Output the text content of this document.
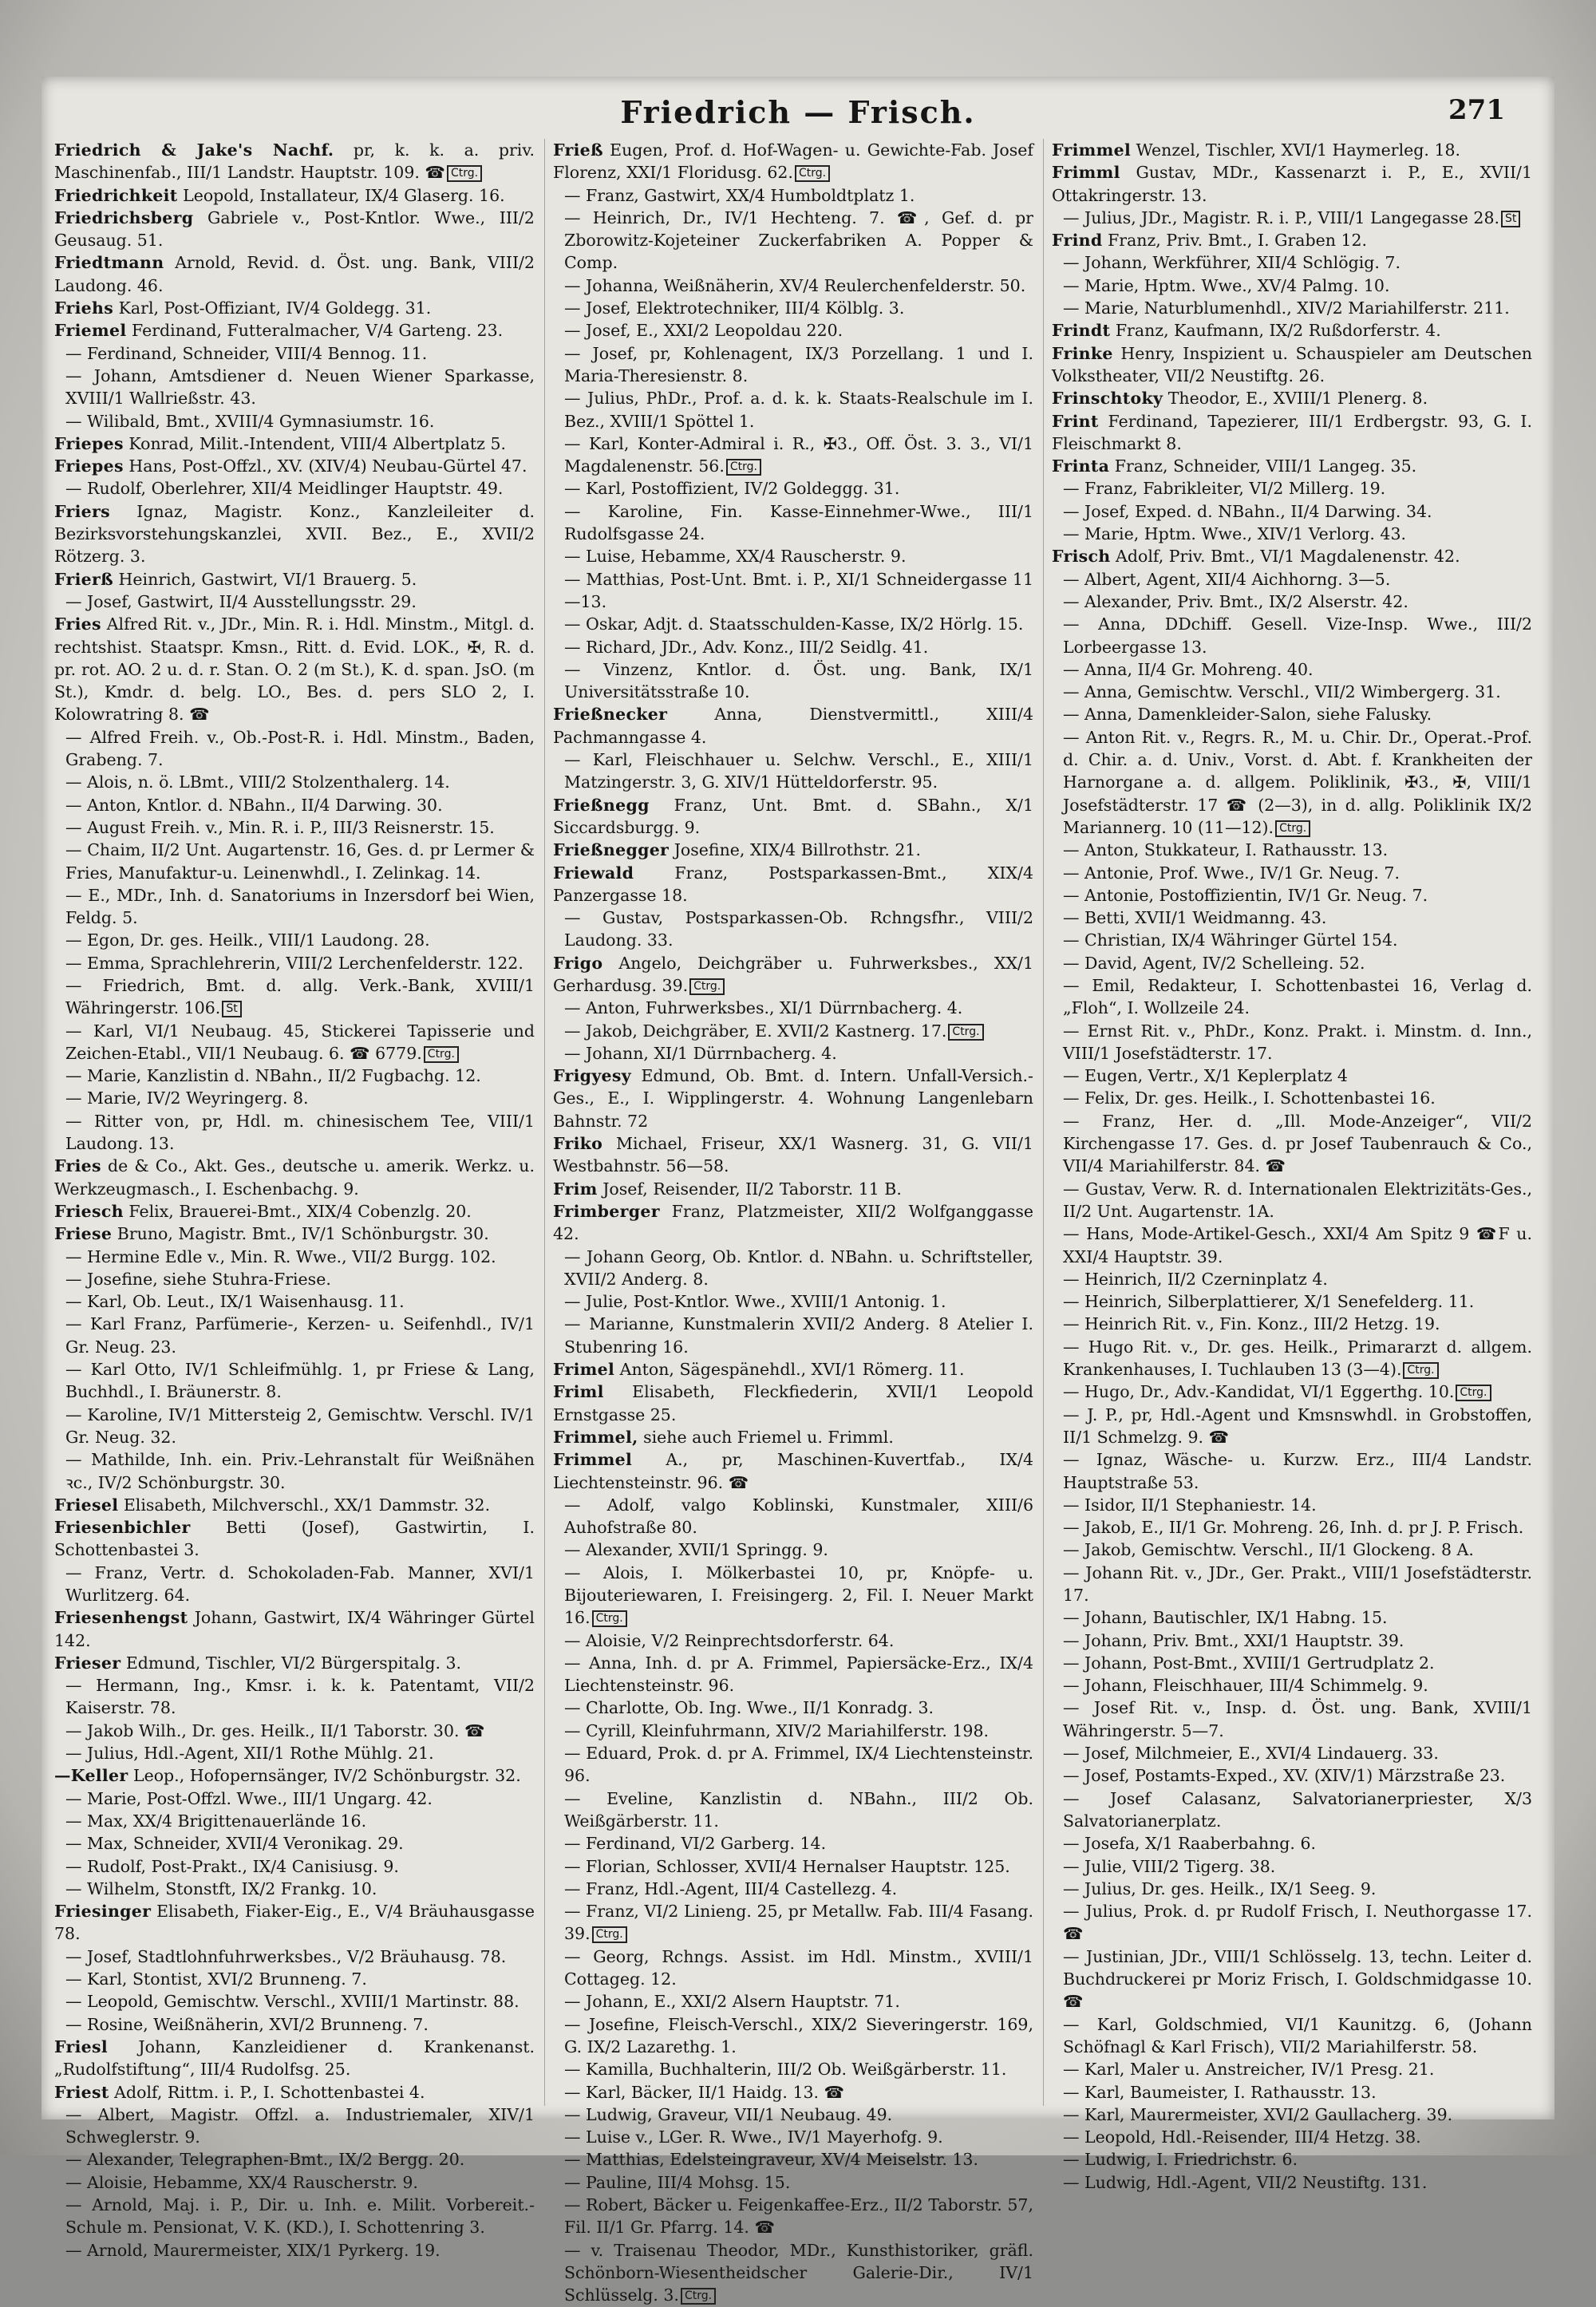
Friedrich — Frisch.	271

Friedrich & Jake's Nachf. pr, k. k. a. priv. Maschinenfab., III/1 Landstr. Hauptstr. 109. ☎ Ctrg.

Friedrichkeit Leopold, Installateur, IX/4 Glaserg. 16.

Friedrichsberg Gabriele v., Post-Kntlor. Wwe., III/2 Geusaug. 51.

Friedtmann Arnold, Revid. d. Öst. ung. Bank, VIII/2 Laudong. 46.

Friehs Karl, Post-Offiziant, IV/4 Goldegg. 31.

Friemel Ferdinand, Futteralmacher, V/4 Garteng. 23.

— Ferdinand, Schneider, VIII/4 Bennog. 11.

— Johann, Amtsdiener d. Neuen Wiener Sparkasse, XVIII/1 Wallrießstr. 43.

— Wilibald, Bmt., XVIII/4 Gymnasiumstr. 16.

Friepes Konrad, Milit.-Intendent, VIII/4 Albertplatz 5.

Friepes Hans, Post-Offzl., XV. (XIV/4) Neubau-Gürtel 47.

— Rudolf, Oberlehrer, XII/4 Meidlinger Hauptstr. 49.

Friers Ignaz, Magistr. Konz., Kanzleileiter d. Bezirksvorstehungskanzlei, XVII. Bez., E., XVII/2 Rötzerg. 3.

Frierß Heinrich, Gastwirt, VI/1 Brauerg. 5.

— Josef, Gastwirt, II/4 Ausstellungsstr. 29.

Fries Alfred Rit. v., JDr., Min. R. i. Hdl. Minstm., Mitgl. d. rechtshist. Staatspr. Kmsn., Ritt. d. Evid. LOK., ✠, R. d. pr. rot. AO. 2 u. d. r. Stan. O. 2 (m St.), K. d. span. JsO. (m St.), Kmdr. d. belg. LO., Bes. d. pers SLO 2, I. Kolowratring 8. ☎

— Alfred Freih. v., Ob.-Post-R. i. Hdl. Minstm., Baden, Grabeng. 7.

— Alois, n. ö. LBmt., VIII/2 Stolzenthalerg. 14.

— Anton, Kntlor. d. NBahn., II/4 Darwing. 30.

— August Freih. v., Min. R. i. P., III/3 Reisnerstr. 15.

— Chaim, II/2 Unt. Augartenstr. 16, Ges. d. pr Lermer & Fries, Manufaktur-u. Leinenwhdl., I. Zelinkag. 14.

— E., MDr., Inh. d. Sanatoriums in Inzersdorf bei Wien, Feldg. 5.

— Egon, Dr. ges. Heilk., VIII/1 Laudong. 28.

— Emma, Sprachlehrerin, VIII/2 Lerchenfelderstr. 122.

— Friedrich, Bmt. d. allg. Verk.-Bank, XVIII/1 Währingerstr. 106. St

— Karl, VI/1 Neubaug. 45, Stickerei Tapisserie und Zeichen-Etabl., VII/1 Neubaug. 6. ☎ 6779. Ctrg.

— Marie, Kanzlistin d. NBahn., II/2 Fugbachg. 12.

— Marie, IV/2 Weyringerg. 8.

— Ritter von, pr, Hdl. m. chinesischem Tee, VIII/1 Laudong. 13.

Fries de & Co., Akt. Ges., deutsche u. amerik. Werkz. u. Werkzeugmasch., I. Eschenbachg. 9.

Friesch Felix, Brauerei-Bmt., XIX/4 Cobenzlg. 20.

Friese Bruno, Magistr. Bmt., IV/1 Schönburgstr. 30.

— Hermine Edle v., Min. R. Wwe., VII/2 Burgg. 102.

— Josefine, siehe Stuhra-Friese.

— Karl, Ob. Leut., IX/1 Waisenhausg. 11.

— Karl Franz, Parfümerie-, Kerzen- u. Seifenhdl., IV/1 Gr. Neug. 23.

— Karl Otto, IV/1 Schleifmühlg. 1, pr Friese & Lang, Buchhdl., I. Bräunerstr. 8.

— Karoline, IV/1 Mittersteig 2, Gemischtw. Verschl. IV/1 Gr. Neug. 32.

— Mathilde, Inh. ein. Priv.-Lehranstalt für Weißnähen ꝛc., IV/2 Schönburgstr. 30.

Friesel Elisabeth, Milchverschl., XX/1 Dammstr. 32.

Friesenbichler Betti (Josef), Gastwirtin, I. Schottenbastei 3.

— Franz, Vertr. d. Schokoladen-Fab. Manner, XVI/1 Wurlitzerg. 64.

Friesenhengst Johann, Gastwirt, IX/4 Währinger Gürtel 142.

Frieser Edmund, Tischler, VI/2 Bürgerspitalg. 3.

— Hermann, Ing., Kmsr. i. k. k. Patentamt, VII/2 Kaiserstr. 78.

— Jakob Wilh., Dr. ges. Heilk., II/1 Taborstr. 30. ☎

— Julius, Hdl.-Agent, XII/1 Rothe Mühlg. 21.

—Keller Leop., Hofopernsänger, IV/2 Schönburgstr. 32.

— Marie, Post-Offzl. Wwe., III/1 Ungarg. 42.

— Max, XX/4 Brigittenauerlände 16.

— Max, Schneider, XVII/4 Veronikag. 29.

— Rudolf, Post-Prakt., IX/4 Canisiusg. 9.

— Wilhelm, Stonstft, IX/2 Frankg. 10.

Friesinger Elisabeth, Fiaker-Eig., E., V/4 Bräuhausgasse 78.

— Josef, Stadtlohnfuhrwerksbes., V/2 Bräuhausg. 78.

— Karl, Stontist, XVI/2 Brunneng. 7.

— Leopold, Gemischtw. Verschl., XVIII/1 Martinstr. 88.

— Rosine, Weißnäherin, XVI/2 Brunneng. 7.

Friesl Johann, Kanzleidiener d. Krankenanst. „Rudolfstiftung“, III/4 Rudolfsg. 25.

Friest Adolf, Rittm. i. P., I. Schottenbastei 4.

— Albert, Magistr. Offzl. a. Industriemaler, XIV/1 Schweglerstr. 9.

— Alexander, Telegraphen-Bmt., IX/2 Bergg. 20.

— Aloisie, Hebamme, XX/4 Rauscherstr. 9.

— Arnold, Maj. i. P., Dir. u. Inh. e. Milit. Vorbereit.-Schule m. Pensionat, V. K. (KD.), I. Schottenring 3.

— Arnold, Maurermeister, XIX/1 Pyrkerg. 19.

Frieß Eugen, Prof. d. Hof-Wagen- u. Gewichte-Fab. Josef Florenz, XXI/1 Floridusg. 62. Ctrg.

— Franz, Gastwirt, XX/4 Humboldtplatz 1.

— Heinrich, Dr., IV/1 Hechteng. 7. ☎, Gef. d. pr Zborowitz-Kojeteiner Zuckerfabriken A. Popper & Comp.

— Johanna, Weißnäherin, XV/4 Reulerchenfelderstr. 50.

— Josef, Elektrotechniker, III/4 Kölblg. 3.

— Josef, E., XXI/2 Leopoldau 220.

— Josef, pr, Kohlenagent, IX/3 Porzellang. 1 und I. Maria-Theresienstr. 8.

— Julius, PhDr., Prof. a. d. k. k. Staats-Realschule im I. Bez., XVIII/1 Spöttel 1.

— Karl, Konter-Admiral i. R., ✠3., Off. Öst. 3. 3., VI/1 Magdalenenstr. 56. Ctrg.

— Karl, Postoffizient, IV/2 Goldeggg. 31.

— Karoline, Fin. Kasse-Einnehmer-Wwe., III/1 Rudolfsgasse 24.

— Luise, Hebamme, XX/4 Rauscherstr. 9.

— Matthias, Post-Unt. Bmt. i. P., XI/1 Schneidergasse 11—13.

— Oskar, Adjt. d. Staatsschulden-Kasse, IX/2 Hörlg. 15.

— Richard, JDr., Adv. Konz., III/2 Seidlg. 41.

— Vinzenz, Kntlor. d. Öst. ung. Bank, IX/1 Universitätsstraße 10.

Frießnecker	Anna, Dienstvermittl., XIII/4 Pachmanngasse 4.

— Karl, Fleischhauer u. Selchw. Verschl., E., XIII/1 Matzingerstr. 3, G. XIV/1 Hütteldorferstr. 95.

Frießnegg Franz, Unt. Bmt. d. SBahn., X/1 Siccardsburgg. 9.

Frießnegger Josefine, XIX/4 Billrothstr. 21.

Friewald Franz, Postsparkassen-Bmt., XIX/4 Panzergasse 18.

— Gustav, Postsparkassen-Ob. Rchngsfhr., VIII/2 Laudong. 33.

Frigo Angelo, Deichgräber u. Fuhrwerksbes., XX/1 Gerhardusg. 39. Ctrg.

— Anton, Fuhrwerksbes., XI/1 Dürrnbacherg. 4.

— Jakob, Deichgräber, E. XVII/2 Kastnerg. 17. Ctrg.

— Johann, XI/1 Dürrnbacherg. 4.

Frigyesy Edmund, Ob. Bmt. d. Intern. Unfall-Versich.-Ges., E., I. Wipplingerstr. 4. Wohnung Langenlebarn Bahnstr. 72

Friko Michael, Friseur, XX/1 Wasnerg. 31, G. VII/1 Westbahnstr. 56—58.

Frim Josef, Reisender, II/2 Taborstr. 11 B.

Frimberger Franz, Platzmeister, XII/2 Wolfganggasse 42.

— Johann Georg, Ob. Kntlor. d. NBahn. u. Schriftsteller, XVII/2 Anderg. 8.

— Julie, Post-Kntlor. Wwe., XVIII/1 Antonig. 1.

— Marianne, Kunstmalerin XVII/2 Anderg. 8 Atelier I. Stubenring 16.

Frimel Anton, Sägespänehdl., XVI/1 Römerg. 11.

Friml Elisabeth, Fleckfiederin, XVII/1 Leopold Ernstgasse 25.

Frimmel, siehe auch Friemel u. Frimml.

Frimmel A., pr, Maschinen-Kuvertfab., IX/4 Liechtensteinstr. 96. ☎

— Adolf, valgo Koblinski, Kunstmaler, XIII/6 Auhofstraße 80.

— Alexander, XVII/1 Springg. 9.

— Alois, I. Mölkerbastei 10, pr, Knöpfe- u. Bijouteriewaren, I. Freisingerg. 2, Fil. I. Neuer Markt 16. Ctrg.

— Aloisie, V/2 Reinprechtsdorferstr. 64.

— Anna, Inh. d. pr A. Frimmel, Papiersäcke-Erz., IX/4 Liechtensteinstr. 96.

— Charlotte, Ob. Ing. Wwe., II/1 Konradg. 3.

— Cyrill, Kleinfuhrmann, XIV/2 Mariahilferstr. 198.

— Eduard, Prok. d. pr A. Frimmel, IX/4 Liechtensteinstr. 96.

— Eveline, Kanzlistin d. NBahn., III/2 Ob. Weißgärberstr. 11.

— Ferdinand, VI/2 Garberg. 14.

— Florian, Schlosser, XVII/4 Hernalser Hauptstr. 125.

— Franz, Hdl.-Agent, III/4 Castellezg. 4.

— Franz, VI/2 Linieng. 25, pr Metallw. Fab. III/4 Fasang. 39. Ctrg.

— Georg, Rchngs. Assist. im Hdl. Minstm., XVIII/1 Cottageg. 12.

— Johann, E., XXI/2 Alsern Hauptstr. 71.

— Josefine, Fleisch-Verschl., XIX/2 Sieveringerstr. 169, G. IX/2 Lazarethg. 1.

— Kamilla, Buchhalterin, III/2 Ob. Weißgärberstr. 11.

— Karl, Bäcker, II/1 Haidg. 13. ☎

— Ludwig, Graveur, VII/1 Neubaug. 49.

— Luise v., LGer. R. Wwe., IV/1 Mayerhofg. 9.

— Matthias, Edelsteingraveur, XV/4 Meiselstr. 13.

— Pauline, III/4 Mohsg. 15.

— Robert, Bäcker u. Feigenkaffee-Erz., II/2 Taborstr. 57, Fil. II/1 Gr. Pfarrg. 14. ☎

— v. Traisenau Theodor, MDr., Kunsthistoriker, gräfl. Schönborn-Wiesentheidscher Galerie-Dir., IV/1 Schlüsselg. 3. Ctrg.

Frimmel Wenzel, Tischler, XVI/1 Haymerleg. 18.

Frimml Gustav, MDr., Kassenarzt i. P., E., XVII/1 Ottakringerstr. 13.

— Julius, JDr., Magistr. R. i. P., VIII/1 Langegasse 28. St

Frind Franz, Priv. Bmt., I. Graben 12.

— Johann, Werkführer, XII/4 Schlögig. 7.

— Marie, Hptm. Wwe., XV/4 Palmg. 10.

— Marie, Naturblumenhdl., XIV/2 Mariahilferstr. 211.

Frindt Franz, Kaufmann, IX/2 Rußdorferstr. 4.

Frinke Henry, Inspizient u. Schauspieler am Deutschen Volkstheater, VII/2 Neustiftg. 26.

Frinschtoky Theodor, E., XVIII/1 Plenerg. 8.

Frint Ferdinand, Tapezierer, III/1 Erdbergstr. 93, G. I. Fleischmarkt 8.

Frinta Franz, Schneider, VIII/1 Langeg. 35.

— Franz, Fabrikleiter, VI/2 Millerg. 19.

— Josef, Exped. d. NBahn., II/4 Darwing. 34.

— Marie, Hptm. Wwe., XIV/1 Verlorg. 43.

Frisch Adolf, Priv. Bmt., VI/1 Magdalenenstr. 42.

— Albert, Agent, XII/4 Aichhorng. 3—5.

— Alexander, Priv. Bmt., IX/2 Alserstr. 42.

— Anna, DDchiff. Gesell. Vize-Insp. Wwe., III/2 Lorbeergasse 13.

— Anna, II/4 Gr. Mohreng. 40.

— Anna, Gemischtw. Verschl., VII/2 Wimbergerg. 31.

— Anna, Damenkleider-Salon, siehe Falusky.

— Anton Rit. v., Regrs. R., M. u. Chir. Dr., Operat.-Prof. d. Chir. a. d. Univ., Vorst. d. Abt. f. Krankheiten der Harnorgane a. d. allgem. Poliklinik, ✠3., ✠, VIII/1 Josefstädterstr. 17 ☎ (2—3), in d. allg. Poliklinik IX/2 Mariannerg. 10 (11—12). Ctrg.

— Anton, Stukkateur, I. Rathausstr. 13.

— Antonie, Prof. Wwe., IV/1 Gr. Neug. 7.

— Antonie, Postoffizientin, IV/1 Gr. Neug. 7.

— Betti, XVII/1 Weidmanng. 43.

— Christian, IX/4 Währinger Gürtel 154.

— David, Agent, IV/2 Schelleing. 52.

— Emil, Redakteur, I. Schottenbastei 16, Verlag d. „Floh“, I. Wollzeile 24.

— Ernst Rit. v., PhDr., Konz. Prakt. i. Minstm. d. Inn., VIII/1 Josefstädterstr. 17.

— Eugen, Vertr., X/1 Keplerplatz 4

— Felix, Dr. ges. Heilk., I. Schottenbastei 16.

— Franz, Her. d. „Ill. Mode-Anzeiger“, VII/2 Kirchengasse 17. Ges. d. pr Josef Taubenrauch & Co., VII/4 Mariahilferstr. 84. ☎

— Gustav, Verw. R. d. Internationalen Elektrizitäts-Ges., II/2 Unt. Augartenstr. 1A.

— Hans, Mode-Artikel-Gesch., XXI/4 Am Spitz 9 ☎F u. XXI/4 Hauptstr. 39.

— Heinrich, II/2 Czerninplatz 4.

— Heinrich, Silberplattierer, X/1 Senefelderg. 11.

— Heinrich Rit. v., Fin. Konz., III/2 Hetzg. 19.

— Hugo Rit. v., Dr. ges. Heilk., Primararzt d. allgem. Krankenhauses, I. Tuchlauben 13 (3—4). Ctrg.

— Hugo, Dr., Adv.-Kandidat, VI/1 Eggerthg. 10. Ctrg.

— J. P., pr, Hdl.-Agent und Kmsnswhdl. in Grobstoffen, II/1 Schmelzg. 9. ☎

— Ignaz, Wäsche- u. Kurzw. Erz., III/4 Landstr. Hauptstraße 53.

— Isidor, II/1 Stephaniestr. 14.

— Jakob, E., II/1 Gr. Mohreng. 26, Inh. d. pr J. P. Frisch.

— Jakob, Gemischtw. Verschl., II/1 Glockeng. 8 A.

— Johann Rit. v., JDr., Ger. Prakt., VIII/1 Josefstädterstr. 17.

— Johann, Bautischler, IX/1 Habng. 15.

— Johann, Priv. Bmt., XXI/1 Hauptstr. 39.

— Johann, Post-Bmt., XVIII/1 Gertrudplatz 2.

— Johann, Fleischhauer, III/4 Schimmelg. 9.

— Josef Rit. v., Insp. d. Öst. ung. Bank, XVIII/1 Währingerstr. 5—7.

— Josef, Milchmeier, E., XVI/4 Lindauerg. 33.

— Josef, Postamts-Exped., XV. (XIV/1) Märzstraße 23.

— Josef Calasanz, Salvatorianerpriester, X/3 Salvatorianerplatz.

— Josefa, X/1 Raaberbahng. 6.

— Julie, VIII/2 Tigerg. 38.

— Julius, Dr. ges. Heilk., IX/1 Seeg. 9.

— Julius, Prok. d. pr Rudolf Frisch, I. Neuthorgasse 17. ☎

— Justinian, JDr., VIII/1 Schlösselg. 13, techn. Leiter d. Buchdruckerei pr Moriz Frisch, I. Goldschmidgasse 10. ☎

— Karl, Goldschmied, VI/1 Kaunitzg. 6, (Johann Schöfnagl & Karl Frisch), VII/2 Mariahilferstr. 58.

— Karl, Maler u. Anstreicher, IV/1 Presg. 21.

— Karl, Baumeister, I. Rathausstr. 13.

— Karl, Maurermeister, XVI/2 Gaullacherg. 39.

— Leopold, Hdl.-Reisender, III/4 Hetzg. 38.

— Ludwig, I. Friedrichstr. 6.

— Ludwig, Hdl.-Agent, VII/2 Neustiftg. 131.
